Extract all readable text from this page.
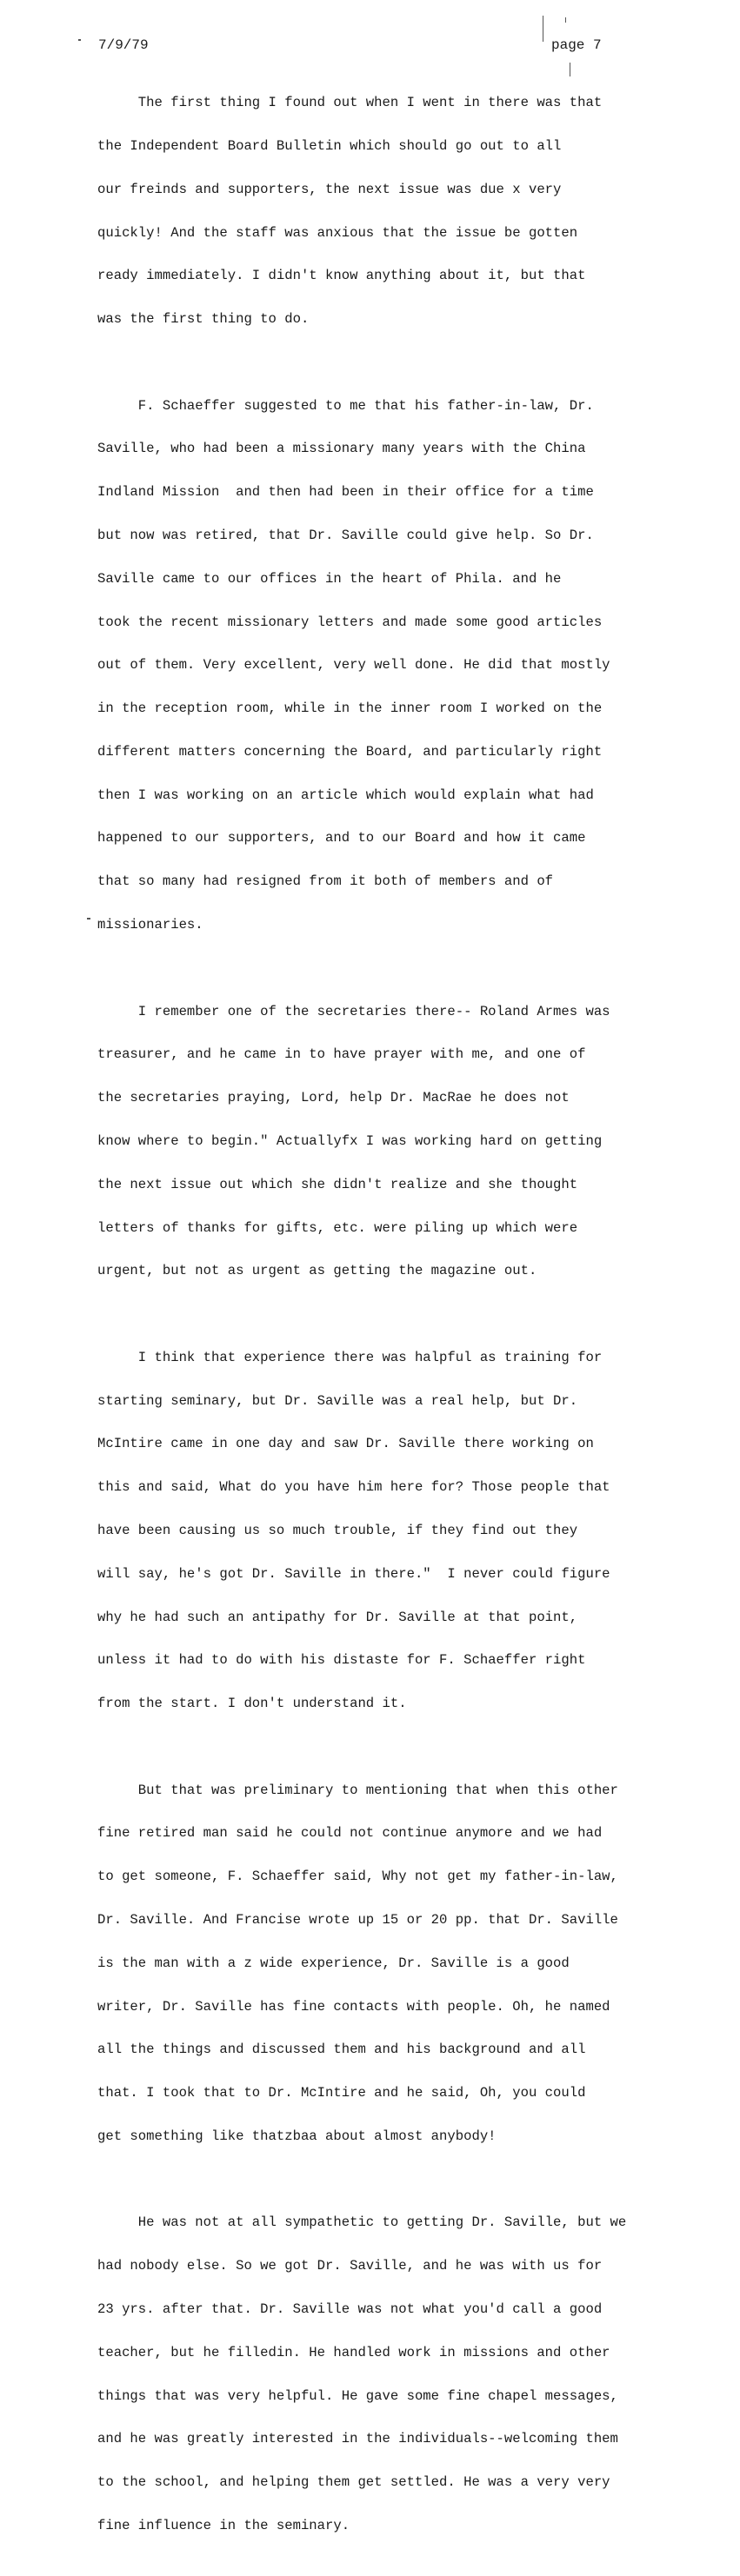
7/9/79	page 7

The first thing I found out when I went in there was that

the Independent Board Bulletin which should go out to all

our freinds and supporters, the next issue was due x very

quickly! And the staff was anxious that the issue be gotten

ready immediately. I didn't know anything about it, but that

was the first thing to do.

F. Schaeffer suggested to me that his father-in-law, Dr.

Saville, who had been a missionary many years with the China

Indland Mission  and then had been in their office for a time

but now was retired, that Dr. Saville could give help. So Dr.

Saville came to our offices in the heart of Phila. and he

took the recent missionary letters and made some good articles

out of them. Very excellent, very well done. He did that mostly

in the reception room, while in the inner room I worked on the

different matters concerning the Board, and particularly right

then I was working on an article which would explain what had

happened to our supporters, and to our Board and how it came

that so many had resigned from it both of members and of

missionaries.

I remember one of the secretaries there-- Roland Armes was

treasurer, and he came in to have prayer with me, and one of

the secretaries praying, Lord, help Dr. MacRae he does not

know where to begin." Actuallyfx I was working hard on getting

the next issue out which she didn't realize and she thought

letters of thanks for gifts, etc. were piling up which were

urgent, but not as urgent as getting the magazine out.

I think that experience there was halpful as training for

starting seminary, but Dr. Saville was a real help, but Dr.

McIntire came in one day and saw Dr. Saville there working on

this and said, What do you have him here for? Those people that

have been causing us so much trouble, if they find out they

will say, he's got Dr. Saville in there."  I never could figure

why he had such an antipathy for Dr. Saville at that point,

unless it had to do with his distaste for F. Schaeffer right

from the start. I don't understand it.

But that was preliminary to mentioning that when this other

fine retired man said he could not continue anymore and we had

to get someone, F. Schaeffer said, Why not get my father-in-law,

Dr. Saville. And Francise wrote up 15 or 20 pp. that Dr. Saville

is the man with a z wide experience, Dr. Saville is a good

writer, Dr. Saville has fine contacts with people. Oh, he named

all the things and discussed them and his background and all

that. I took that to Dr. McIntire and he said, Oh, you could

get something like thatzbaa about almost anybody!

He was not at all sympathetic to getting Dr. Saville, but we

had nobody else. So we got Dr. Saville, and he was with us for

23 yrs. after that. Dr. Saville was not what you'd call a good

teacher, but he filledin. He handled work in missions and other

things that was very helpful. He gave some fine chapel messages,

and he was greatly interested in the individuals--welcoming them

to the school, and helping them get settled. He was a very very

fine influence in the seminary.
